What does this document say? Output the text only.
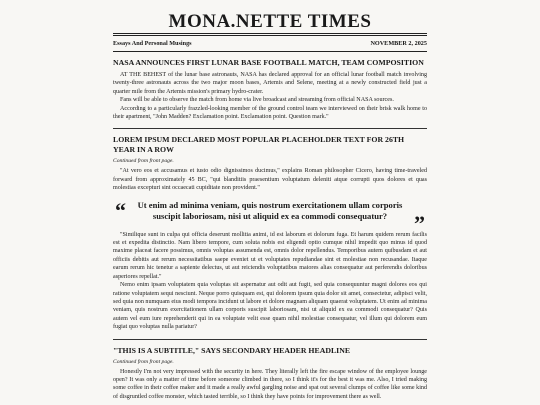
MONA.NETTE TIMES
Essays And Personal Musings	NOVEMBER 2, 2025
NASA ANNOUNCES FIRST LUNAR BASE FOOTBALL MATCH, TEAM COMPOSITION

AT THE BEHEST of the lunar base astronauts, NASA has declared approval for an official lunar football match involving twenty-three astronauts across the two major moon bases, Artemis and Selene, meeting at a newly constructed field just a quarter mile from the Artemis mission's primary hydro-crater.

Fans will be able to observe the match from home via live broadcast and streaming from official NASA sources.

According to a particularly frazzled-looking member of the ground control team we interviewed on their brisk walk home to their apartment, "John Madden? Exclamation point. Exclamation point. Question mark."

LOREM IPSUM DECLARED MOST POPULAR PLACEHOLDER TEXT FOR 26TH YEAR IN A ROW
Continued from front page.

"At vero eos et accusamus et iusto odio dignissimos ducimus," explains Roman philosopher Cicero, having time-traveled forward from approximately 45 BC, "qui blanditiis praesentium voluptatum deleniti atque corrupti quos dolores et quas molestias excepturi sint occaecati cupiditate non provident."

“ Ut enim ad minima veniam, quis nostrum exercitationem ullam corporis suscipit laboriosam, nisi ut aliquid ex ea commodi consequatur? ”

"Similique sunt in culpa qui officia deserunt mollitia animi, id est laborum et dolorum fuga. Et harum quidem rerum facilis est et expedita distinctio. Nam libero tempore, cum soluta nobis est eligendi optio cumque nihil impedit quo minus id quod maxime placeat facere possimus, omnis voluptas assumenda est, omnis dolor repellendus. Temporibus autem quibusdam et aut officiis debitis aut rerum necessitatibus saepe eveniet ut et voluptates repudiandae sint et molestiae non recusandae. Itaque earum rerum hic tenetur a sapiente delectus, ut aut reiciendis voluptatibus maiores alias consequatur aut perferendis doloribus asperiores repellat."

Nemo enim ipsam voluptatem quia voluptas sit aspernatur aut odit aut fugit, sed quia consequuntur magni dolores eos qui ratione voluptatem sequi nesciunt. Neque porro quisquam est, qui dolorem ipsum quia dolor sit amet, consectetur, adipisci velit, sed quia non numquam eius modi tempora incidunt ut labore et dolore magnam aliquam quaerat voluptatem. Ut enim ad minima veniam, quis nostrum exercitationem ullam corporis suscipit laboriosam, nisi ut aliquid ex ea commodi consequatur? Quis autem vel eum iure reprehenderit qui in ea voluptate velit esse quam nihil molestiae consequatur, vel illum qui dolorem eum fugiat quo voluptas nulla pariatur?

"THIS IS A SUBTITLE," SAYS SECONDARY HEADER HEADLINE
Continued from front page.

Honestly I'm not very impressed with the security in here. They literally left the fire escape window of the employee lounge open? It was only a matter of time before someone climbed in there, so I think it's for the best it was me. Also, I tried making some coffee in their coffee maker and it made a really awful gargling noise and spat out several clumps of coffee like some kind of disgruntled coffee monster, which tasted terrible, so I think they have points for improvement there as well.
